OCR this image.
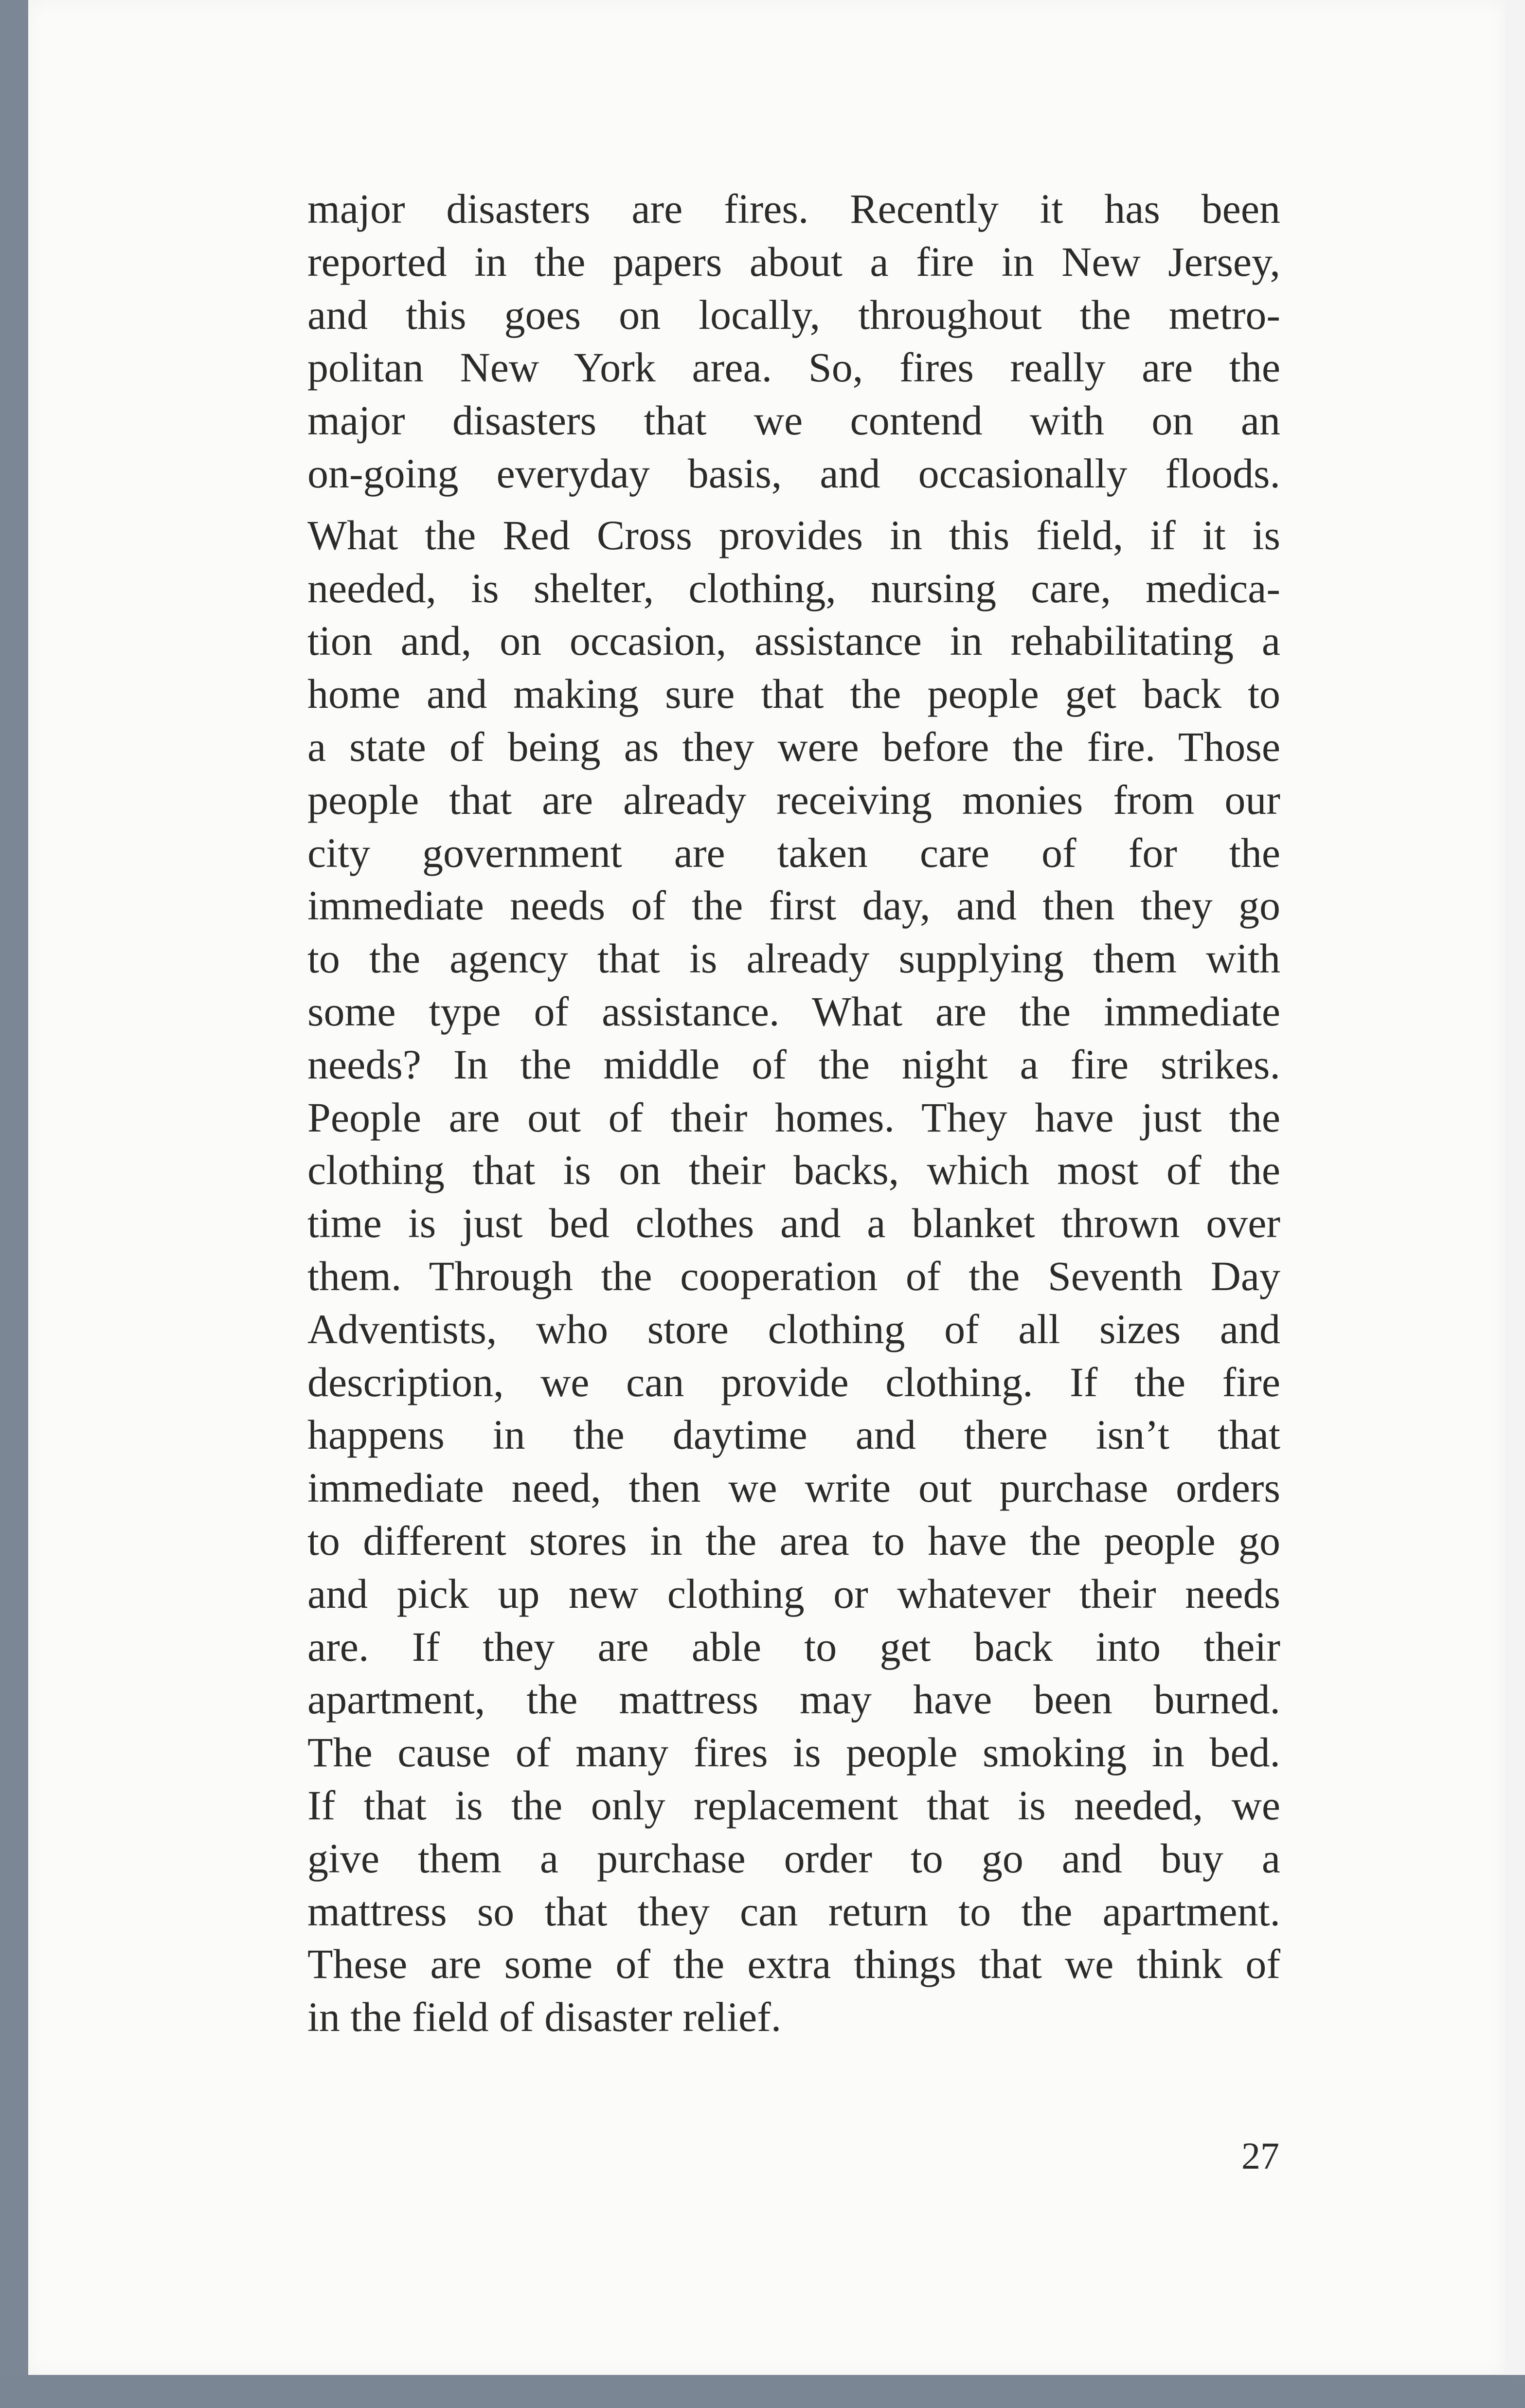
major disasters are fires. Recently it has been
reported in the papers about a fire in New Jersey,
and this goes on locally, throughout the metro-
politan New York area. So, fires really are the
major disasters that we contend with on an
on-going everyday basis, and occasionally floods.
What the Red Cross provides in this field, if it is
needed, is shelter, clothing, nursing care, medica-
tion and, on occasion, assistance in rehabilitating a
home and making sure that the people get back to
a state of being as they were before the fire. Those
people that are already receiving monies from our
city government are taken care of for the
immediate needs of the first day, and then they go
to the agency that is already supplying them with
some type of assistance. What are the immediate
needs? In the middle of the night a fire strikes.
People are out of their homes. They have just the
clothing that is on their backs, which most of the
time is just bed clothes and a blanket thrown over
them. Through the cooperation of the Seventh Day
Adventists, who store clothing of all sizes and
description, we can provide clothing. If the fire
happens in the daytime and there isn’t that
immediate need, then we write out purchase orders
to different stores in the area to have the people go
and pick up new clothing or whatever their needs
are. If they are able to get back into their
apartment, the mattress may have been burned.
The cause of many fires is people smoking in bed.
If that is the only replacement that is needed, we
give them a purchase order to go and buy a
mattress so that they can return to the apartment.
These are some of the extra things that we think of
in the field of disaster relief.
27
